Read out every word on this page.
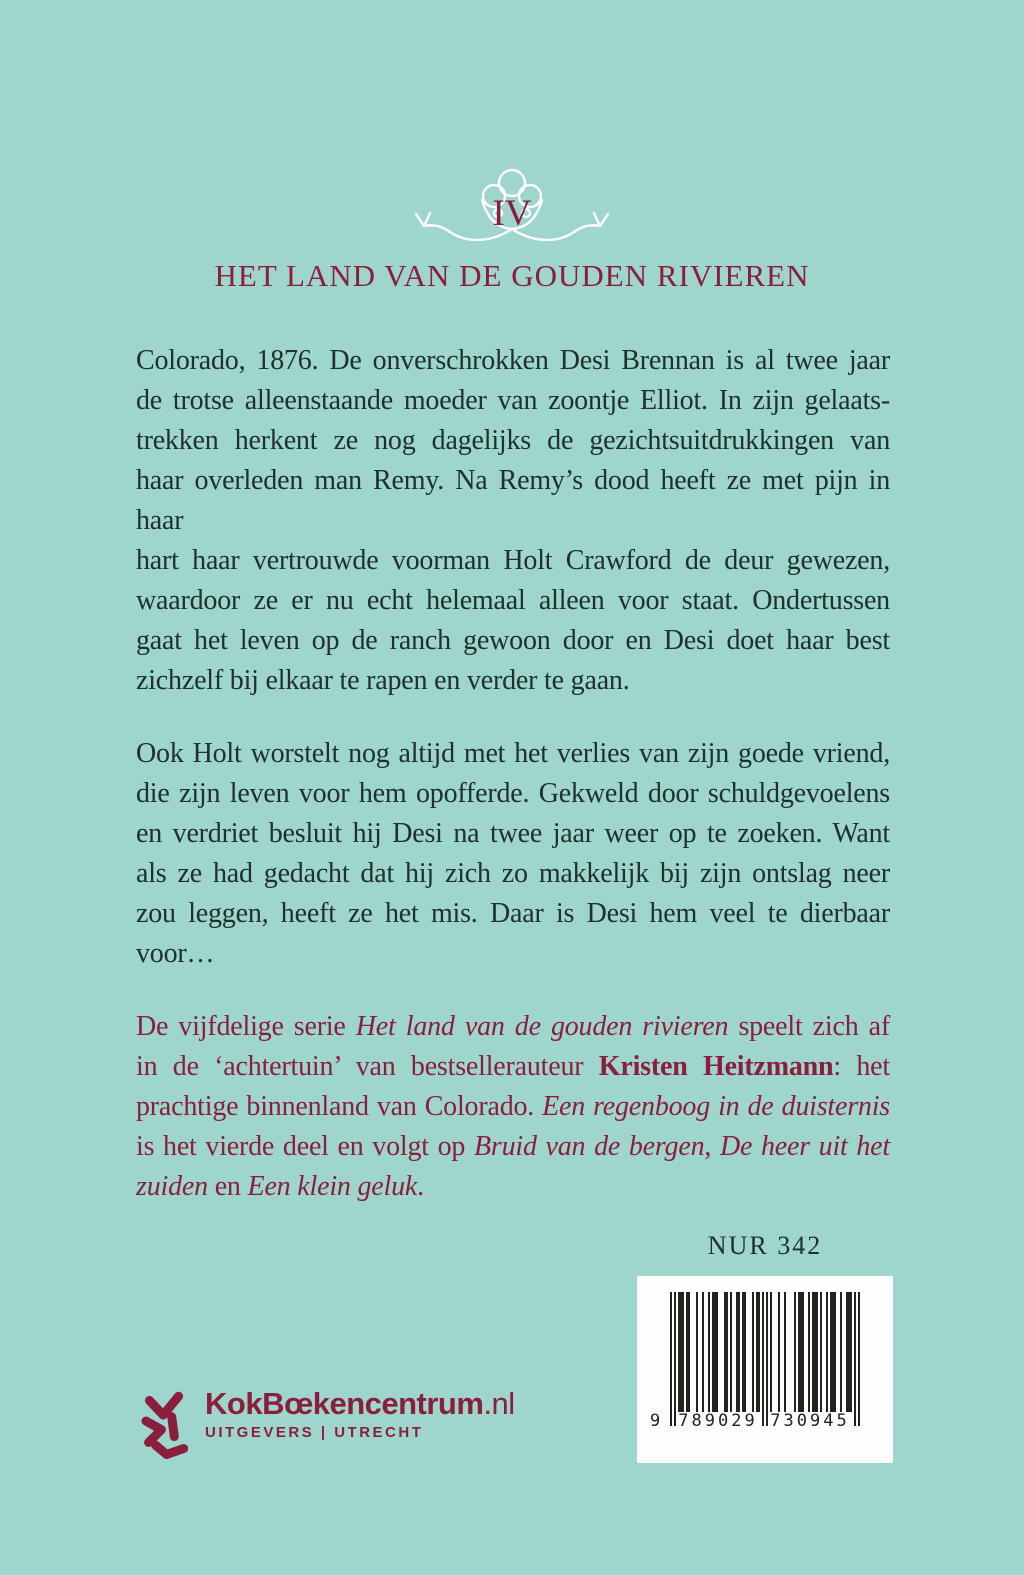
IV
HET LAND VAN DE GOUDEN RIVIEREN
Colorado, 1876. De onverschrokken Desi Brennan is al twee jaar
de trotse alleenstaande moeder van zoontje Elliot. In zijn gelaats-
trekken herkent ze nog dagelijks de gezichtsuitdrukkingen van
haar overleden man Remy. Na Remy’s dood heeft ze met pijn in haar
hart haar vertrouwde voorman Holt Crawford de deur gewezen,
waardoor ze er nu echt helemaal alleen voor staat. Ondertussen
gaat het leven op de ranch gewoon door en Desi doet haar best
zichzelf bij elkaar te rapen en verder te gaan.
Ook Holt worstelt nog altijd met het verlies van zijn goede vriend,
die zijn leven voor hem opofferde. Gekweld door schuldgevoelens
en verdriet besluit hij Desi na twee jaar weer op te zoeken. Want
als ze had gedacht dat hij zich zo makkelijk bij zijn ontslag neer
zou leggen, heeft ze het mis. Daar is Desi hem veel te dierbaar
voor…
De vijfdelige serie Het land van de gouden rivieren speelt zich af
in de ‘achtertuin’ van bestsellerauteur Kristen Heitzmann: het
prachtige binnenland van Colorado. Een regenboog in de duisternis
is het vierde deel en volgt op Bruid van de bergen, De heer uit het
zuiden en Een klein geluk.
NUR 342
9 789029 730945
KokBœkencentrum.nl
UITGEVERS | UTRECHT
